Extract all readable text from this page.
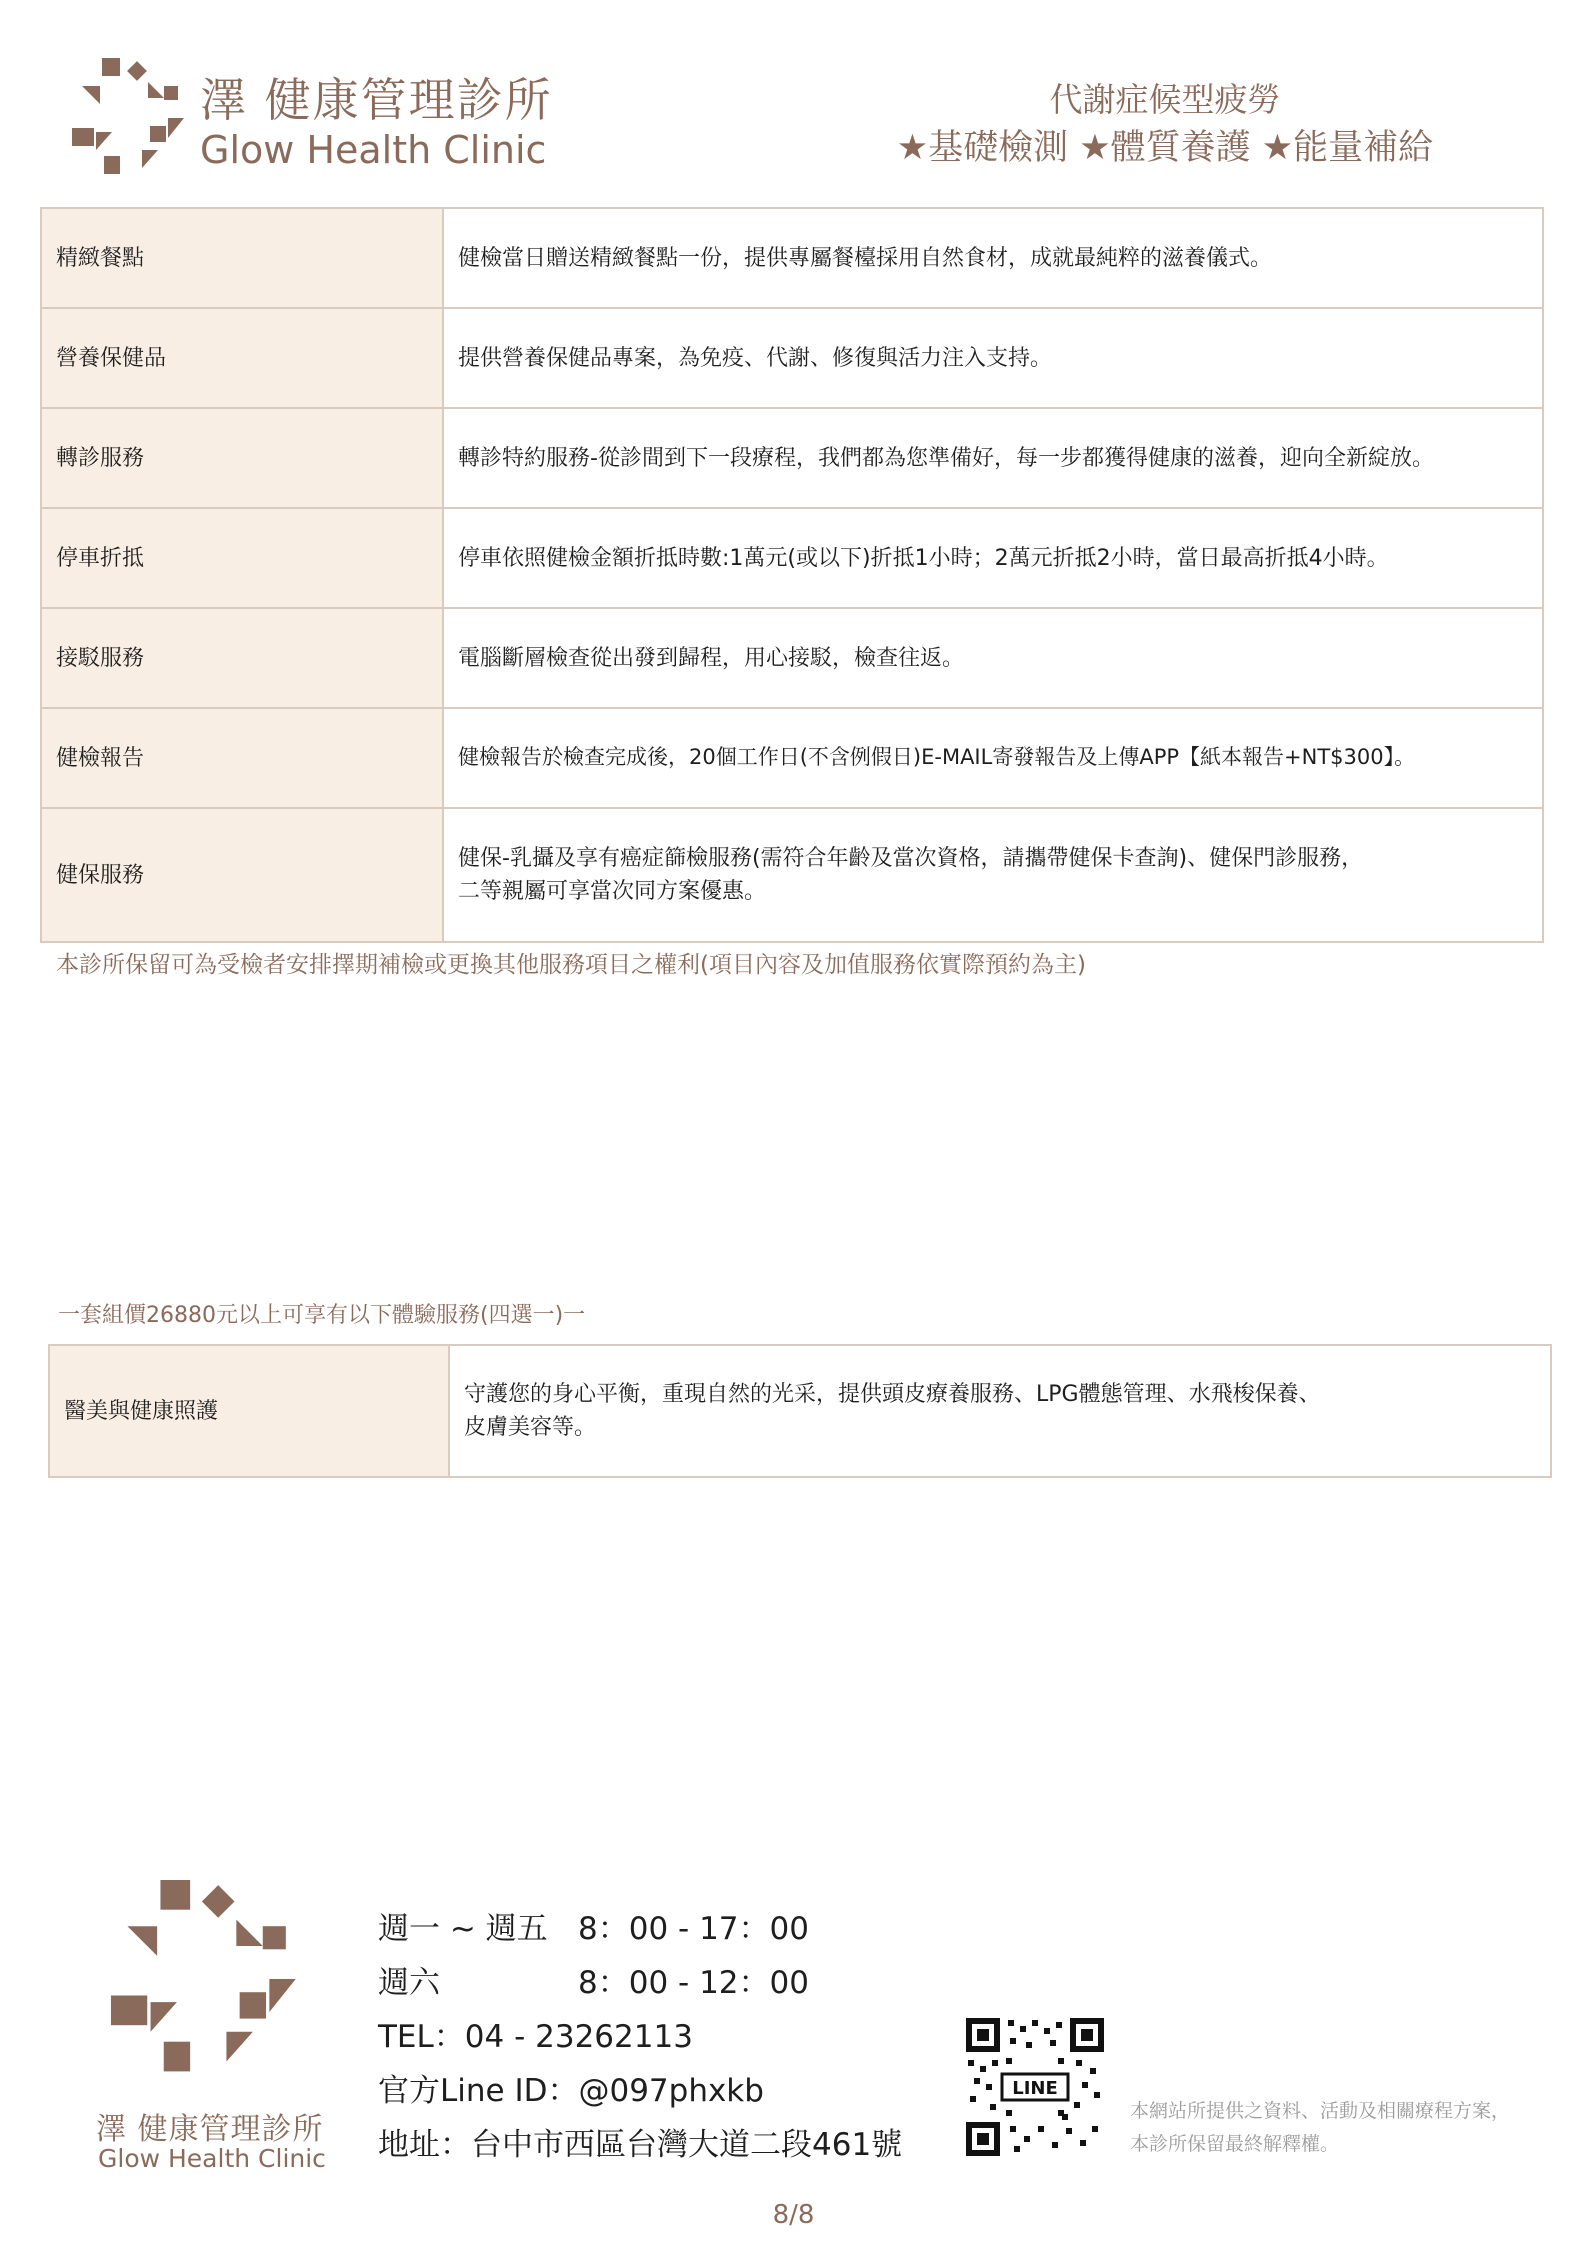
澤 健康管理診所
Glow Health Clinic
代謝症候型疲勞
★基礎檢測 ★體質養護 ★能量補給
精緻餐點	健檢當日贈送精緻餐點一份，提供專屬餐檯採用自然食材，成就最純粹的滋養儀式。
營養保健品	提供營養保健品專案，為免疫、代謝、修復與活力注入支持。
轉診服務	轉診特約服務-從診間到下一段療程，我們都為您準備好，每一步都獲得健康的滋養，迎向全新綻放。
停車折抵	停車依照健檢金額折抵時數:1萬元(或以下)折抵1小時；2萬元折抵2小時，當日最高折抵4小時。
接駁服務	電腦斷層檢查從出發到歸程，用心接駁，檢查往返。
健檢報告	健檢報告於檢查完成後，20個工作日(不含例假日)E-MAIL寄發報告及上傳APP【紙本報告+NT$300】。
健保服務	健保-乳攝及享有癌症篩檢服務(需符合年齡及當次資格，請攜帶健保卡查詢)、健保門診服務，
二等親屬可享當次同方案優惠。
本診所保留可為受檢者安排擇期補檢或更換其他服務項目之權利(項目內容及加值服務依實際預約為主)
一套組價26880元以上可享有以下體驗服務(四選一)一
醫美與健康照護	守護您的身心平衡，重現自然的光采，提供頭皮療養服務、LPG體態管理、水飛梭保養、
皮膚美容等。
澤 健康管理診所
Glow Health Clinic
週一 ~ 週五 8：00 - 17：00
週六	8：00 - 12：00
TEL：04 - 23262113
官方Line ID：@097phxkb
地址：台中市西區台灣大道二段461號
LINE
本網站所提供之資料、活動及相關療程方案，
本診所保留最終解釋權。
8/8
